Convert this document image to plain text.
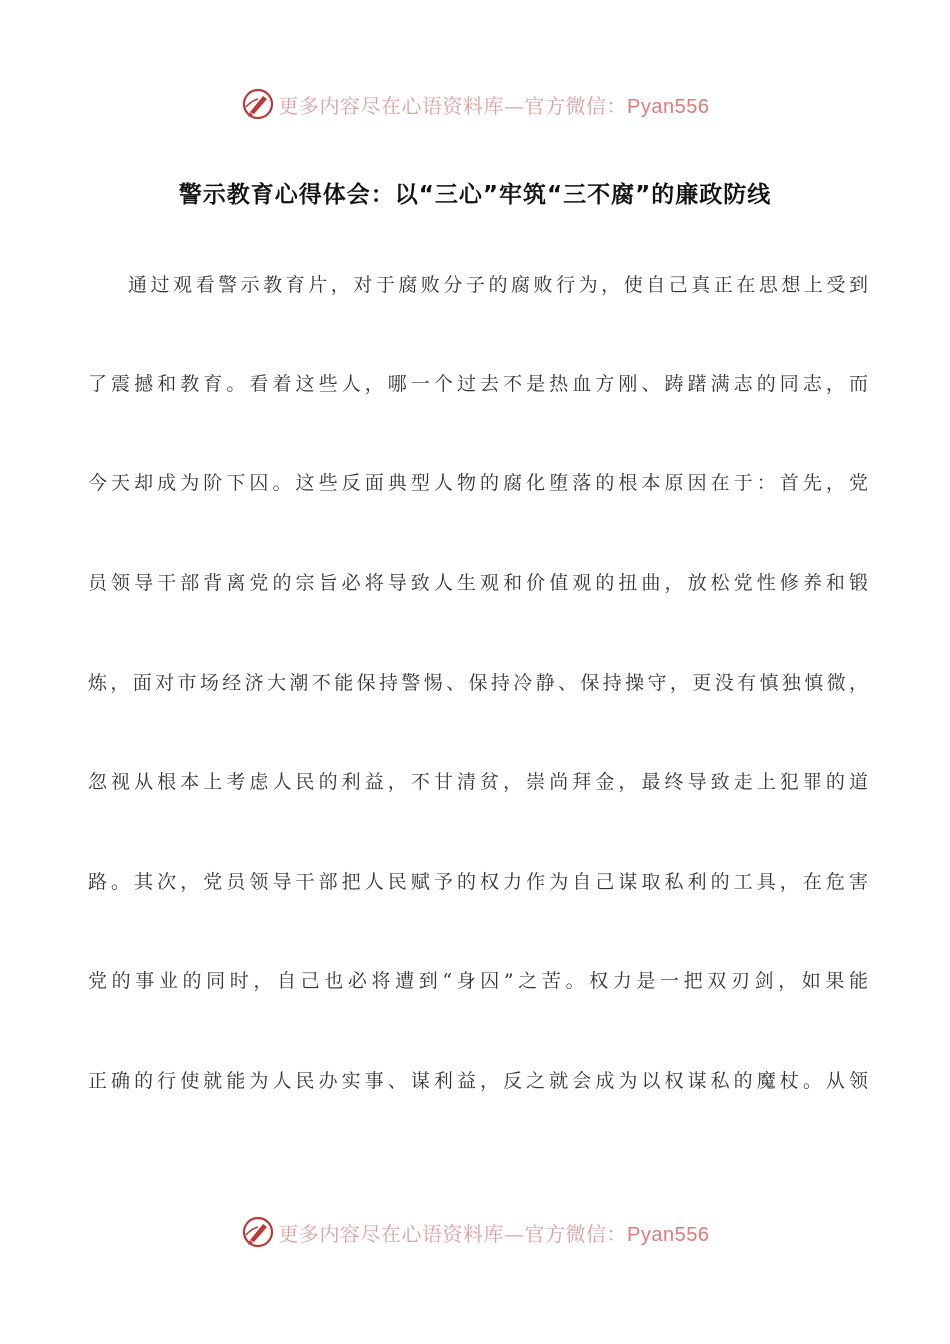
更多内容尽在心语资料库—官方微信：Pyan556
警示教育心得体会：以“三心”牢筑“三不腐”的廉政防线
通过观看警示教育片，对于腐败分子的腐败行为，使自己真正在思想上受到
了震撼和教育。看着这些人，哪一个过去不是热血方刚、踌躇满志的同志，而
今天却成为阶下囚。这些反面典型人物的腐化堕落的根本原因在于：首先，党
员领导干部背离党的宗旨必将导致人生观和价值观的扭曲，放松党性修养和锻
炼，面对市场经济大潮不能保持警惕、保持冷静、保持操守，更没有慎独慎微，
忽视从根本上考虑人民的利益，不甘清贫，崇尚拜金，最终导致走上犯罪的道
路。其次，党员领导干部把人民赋予的权力作为自己谋取私利的工具，在危害
党的事业的同时，自己也必将遭到“身囚”之苦。权力是一把双刃剑，如果能
正确的行使就能为人民办实事、谋利益，反之就会成为以权谋私的魔杖。从领
更多内容尽在心语资料库—官方微信：Pyan556
